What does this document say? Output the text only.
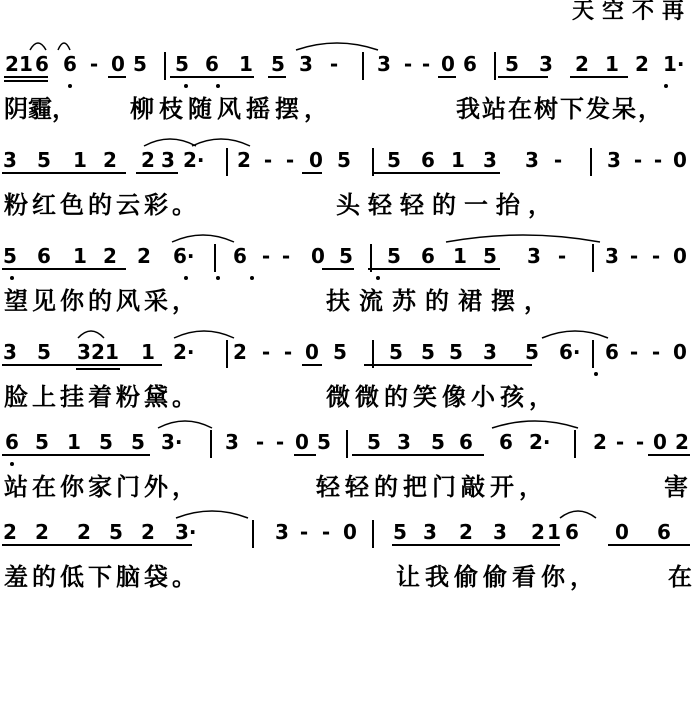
天空不再
2 1 6 6 - 0 5 5 6 1 5 3 - 3 - - 0 6 5 3 2 1 2 1·

阴霾，

柳枝随风摇摆，

	我站在树下发呆，

3 5 1 2 2 3 2· 2 - - 0 5 5 6 1 3 3 - 3 - - 0

粉红色的云彩。

	头轻轻的一抬，

5 6 1 2 2 6· 6 - - 0 5 5 6 1 5 3 - 3 - - 0

望见你的风采，

	扶流苏的裙摆，

3 5 3 2 1 1 2· 2 - - 0 5 5 5 5 3 5 6· 6 - - 0

脸上挂着粉黛。

	微微的笑像小孩，

6 5 1 5 5 3· 3 - - 0 5 5 3 5 6 6 2· 2 - - 0 2

站在你家门外，

	轻轻的把门敲开，

	害

2 2 2 5 2 3·	3 - - 0 5 3 2 3 2 1 6 0 6

羞的低下脑袋。

	让我偷偷看你，

	在
